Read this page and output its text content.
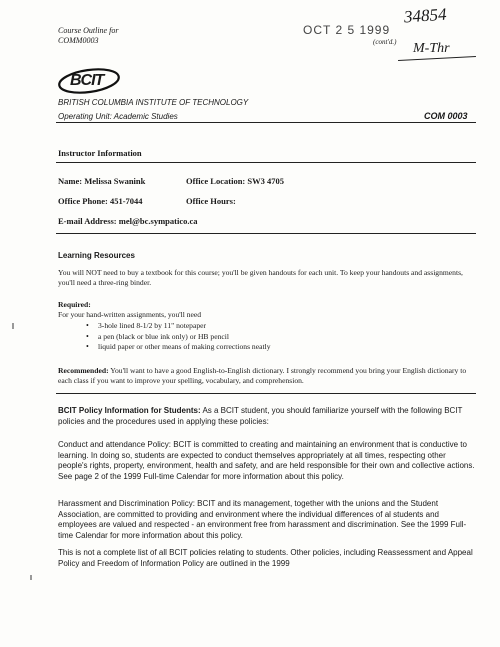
Course Outline for
COMM0003
OCT 2 5 1999
34854
(cont'd.) M-Thr
BCIT
BRITISH COLUMBIA INSTITUTE OF TECHNOLOGY
Operating Unit: Academic Studies	COM 0003
Instructor Information
Name: Melissa Swanink	Office Location: SW3 4705
Office Phone: 451-7044	Office Hours:
E-mail Address: mel@bc.sympatico.ca
Learning Resources

You will NOT need to buy a textbook for this course; you'll be given handouts for each unit. To keep your handouts and assignments, you'll need a three-ring binder.

Required:
For your hand-written assignments, you'll need
• 3-hole lined 8-1/2 by 11" notepaper
• a pen (black or blue ink only) or HB pencil
• liquid paper or other means of making corrections neatly

Recommended: You'll want to have a good English-to-English dictionary. I strongly recommend you bring your English dictionary to each class if you want to improve your spelling, vocabulary, and comprehension.

BCIT Policy Information for Students: As a BCIT student, you should familiarize yourself with the following BCIT policies and the procedures used in applying these policies:

Conduct and attendance Policy: BCIT is committed to creating and maintaining an environment that is conductive to learning. In doing so, students are expected to conduct themselves appropriately at all times, respecting other people's rights, property, environment, health and safety, and are held responsible for their own and collective actions. See page 2 of the 1999 Full-time Calendar for more information about this policy.

Harassment and Discrimination Policy: BCIT and its management, together with the unions and the Student Association, are committed to providing and environment where the individual differences of al students and employees are valued and respected - an environment free from harassment and discrimination. See the 1999 Full-time Calendar for more information about this policy.

This is not a complete list of all BCIT policies relating to students. Other policies, including Reassessment and Appeal Policy and Freedom of Information Policy are outlined in the 1999
